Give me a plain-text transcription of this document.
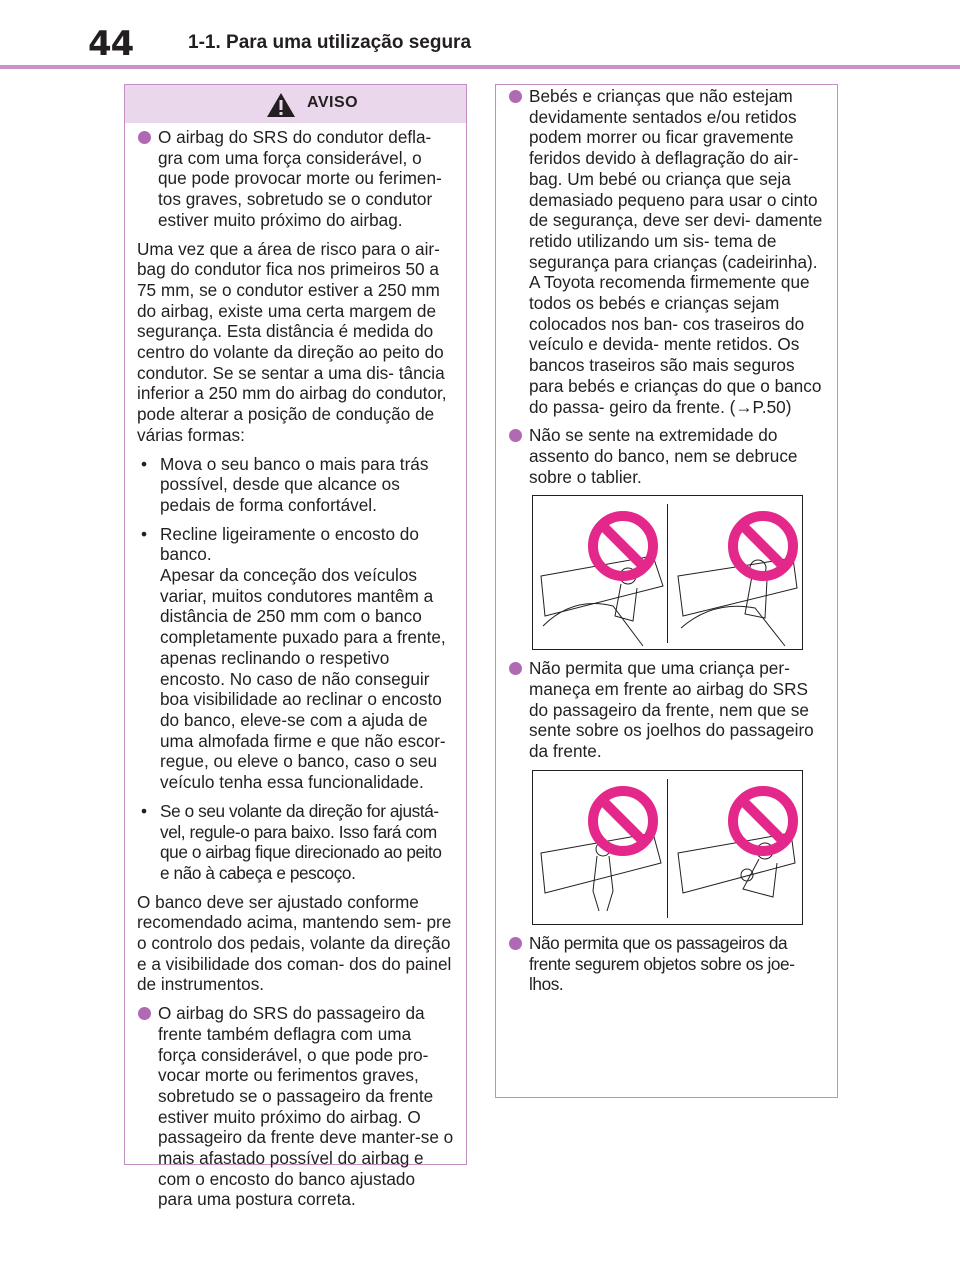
44	1-1. Para uma utilização segura
AVISO
O airbag do SRS do condutor defla- gra com uma força considerável, o que pode provocar morte ou ferimen- tos graves, sobretudo se o condutor estiver muito próximo do airbag.
Uma vez que a área de risco para o air- bag do condutor fica nos primeiros 50 a 75 mm, se o condutor estiver a 250 mm do airbag, existe uma certa margem de segurança. Esta distância é medida do centro do volante da direção ao peito do condutor. Se se sentar a uma dis- tância inferior a 250 mm do airbag do condutor, pode alterar a posição de condução de várias formas:
• Mova o seu banco o mais para trás possível, desde que alcance os pedais de forma confortável.
• Recline ligeiramente o encosto do banco.
Apesar da conceção dos veículos variar, muitos condutores mantêm a distância de 250 mm com o banco completamente puxado para a frente, apenas reclinando o respetivo encosto. No caso de não conseguir boa visibilidade ao reclinar o encosto do banco, eleve-se com a ajuda de uma almofada firme e que não escor- regue, ou eleve o banco, caso o seu veículo tenha essa funcionalidade.
• Se o seu volante da direção for ajustá- vel, regule-o para baixo. Isso fará com que o airbag fique direcionado ao peito e não à cabeça e pescoço.
O banco deve ser ajustado conforme recomendado acima, mantendo sem- pre o controlo dos pedais, volante da direção e a visibilidade dos coman- dos do painel de instrumentos.
O airbag do SRS do passageiro da frente também deflagra com uma força considerável, o que pode pro- vocar morte ou ferimentos graves, sobretudo se o passageiro da frente estiver muito próximo do airbag. O passageiro da frente deve manter-se o mais afastado possível do airbag e com o encosto do banco ajustado para uma postura correta.
Bebés e crianças que não estejam devidamente sentados e/ou retidos podem morrer ou ficar gravemente feridos devido à deflagração do air- bag. Um bebé ou criança que seja demasiado pequeno para usar o cinto de segurança, deve ser devi- damente retido utilizando um sis- tema de segurança para crianças (cadeirinha). A Toyota recomenda firmemente que todos os bebés e crianças sejam colocados nos ban- cos traseiros do veículo e devida- mente retidos. Os bancos traseiros são mais seguros para bebés e crianças do que o banco do passa- geiro da frente. (→P.50)
Não se sente na extremidade do assento do banco, nem se debruce sobre o tablier.
Não permita que uma criança per- maneça em frente ao airbag do SRS do passageiro da frente, nem que se sente sobre os joelhos do passageiro da frente.
Não permita que os passageiros da frente segurem objetos sobre os joe- lhos.
